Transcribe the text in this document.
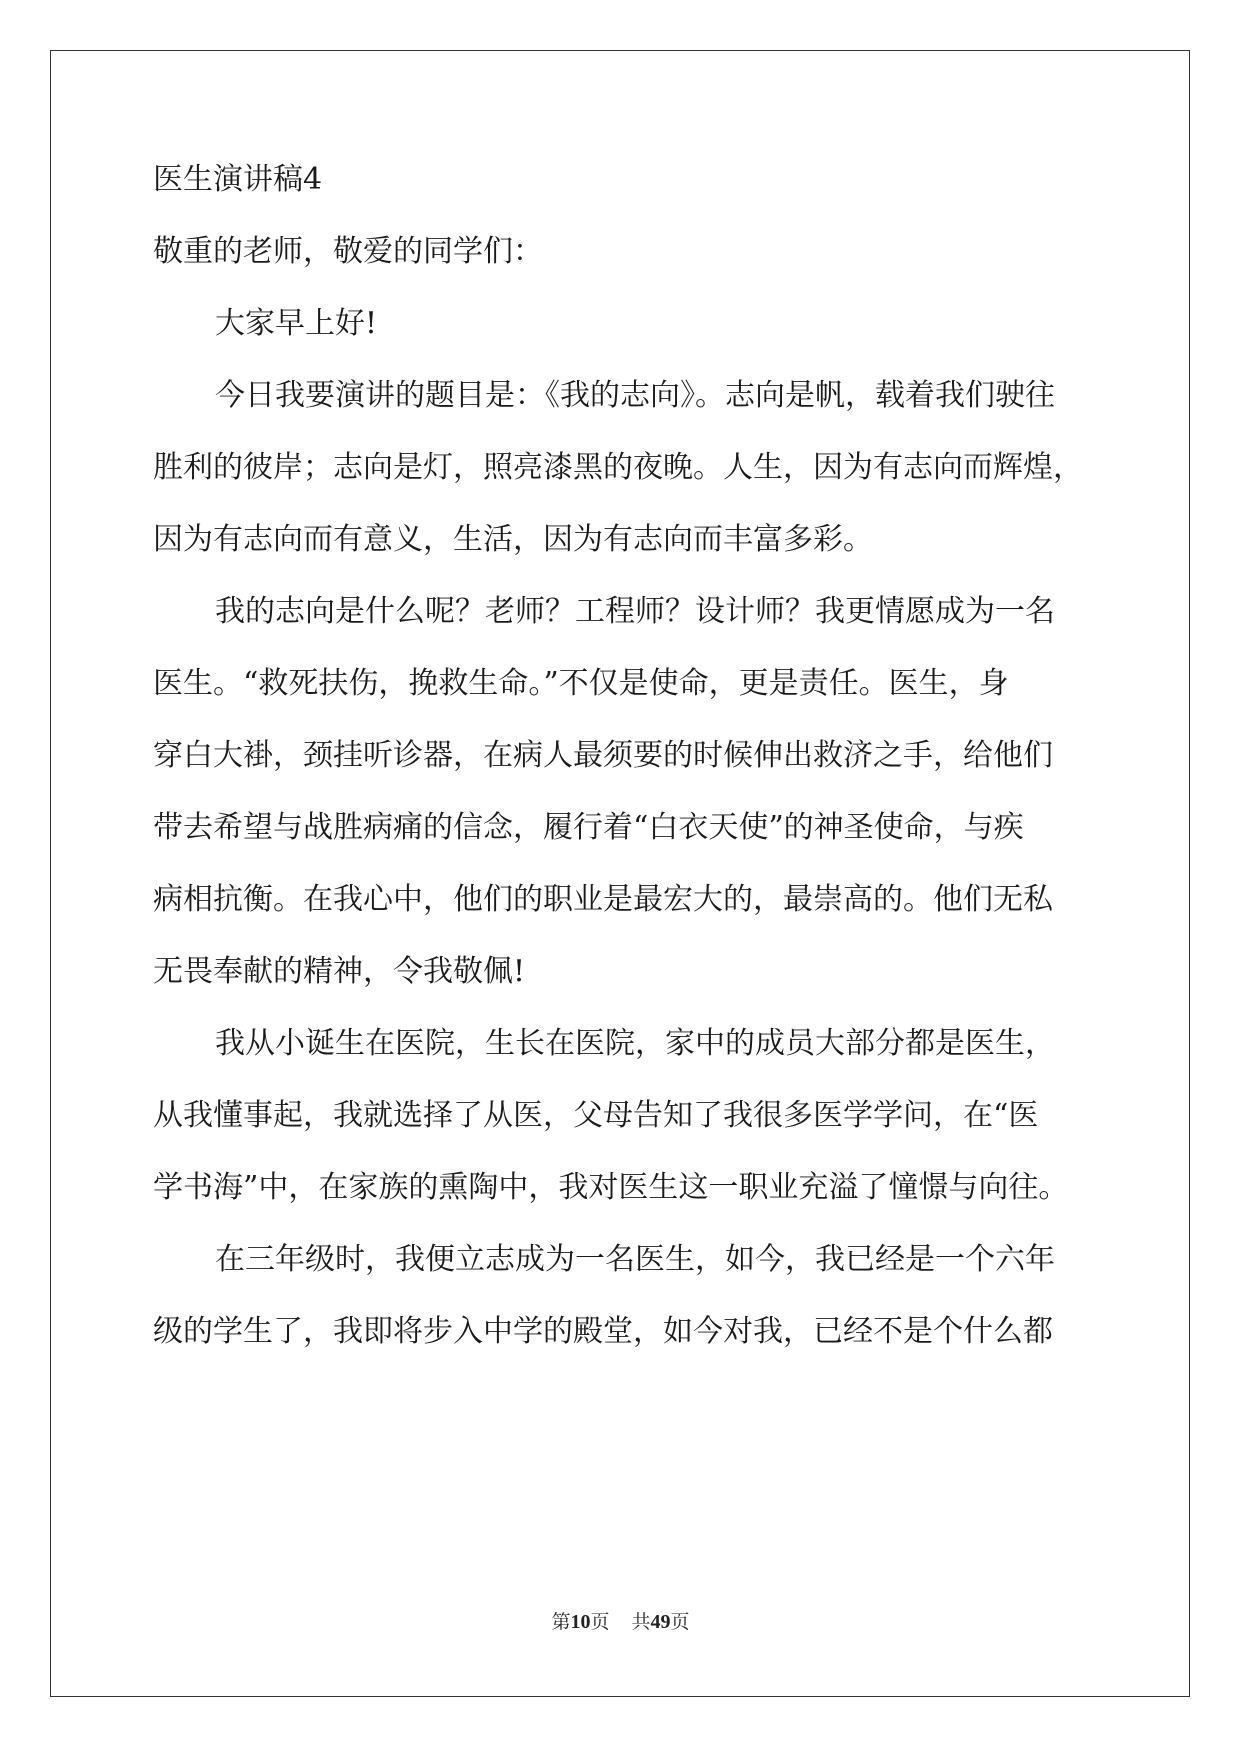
医生演讲稿4
敬重的老师，敬爱的同学们：
大家早上好!
今日我要演讲的题目是：《我的志向》。志向是帆，载着我们驶往
胜利的彼岸；志向是灯，照亮漆黑的夜晚。人生，因为有志向而辉煌，
因为有志向而有意义，生活，因为有志向而丰富多彩。
我的志向是什么呢？老师？工程师？设计师？我更情愿成为一名
医生。“救死扶伤，挽救生命。”不仅是使命，更是责任。医生，身
穿白大褂，颈挂听诊器，在病人最须要的时候伸出救济之手，给他们
带去希望与战胜病痛的信念，履行着“白衣天使”的神圣使命，与疾
病相抗衡。在我心中，他们的职业是最宏大的，最崇高的。他们无私
无畏奉献的精神，令我敬佩!
我从小诞生在医院，生长在医院，家中的成员大部分都是医生，
从我懂事起，我就选择了从医，父母告知了我很多医学学问，在“医
学书海”中，在家族的熏陶中，我对医生这一职业充溢了憧憬与向往。
在三年级时，我便立志成为一名医生，如今，我已经是一个六年
级的学生了，我即将步入中学的殿堂，如今对我，已经不是个什么都
第10页 共49页
